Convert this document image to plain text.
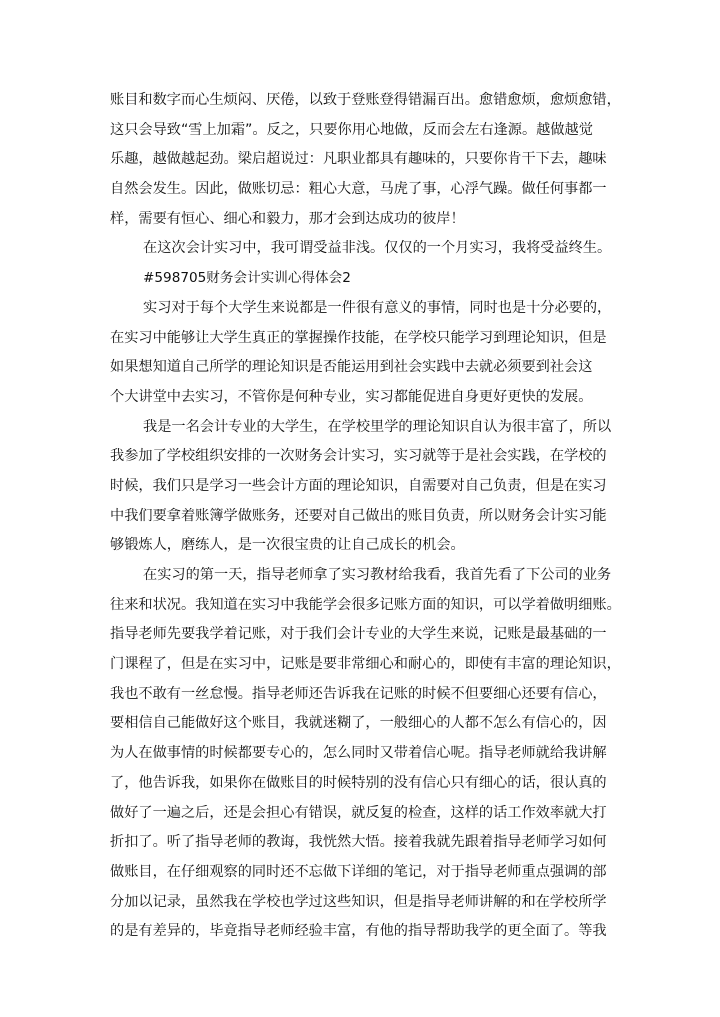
账目和数字而心生烦闷、厌倦，以致于登账登得错漏百出。愈错愈烦，愈烦愈错，
这只会导致“雪上加霜”。反之，只要你用心地做，反而会左右逢源。越做越觉
乐趣，越做越起劲。梁启超说过：凡职业都具有趣味的，只要你肯干下去，趣味
自然会发生。因此，做账切忌：粗心大意，马虎了事，心浮气躁。做任何事都一
样，需要有恒心、细心和毅力，那才会到达成功的彼岸！
在这次会计实习中，我可谓受益非浅。仅仅的一个月实习，我将受益终生。
#598705财务会计实训心得体会2
实习对于每个大学生来说都是一件很有意义的事情，同时也是十分必要的，
在实习中能够让大学生真正的掌握操作技能，在学校只能学习到理论知识，但是
如果想知道自己所学的理论知识是否能运用到社会实践中去就必须要到社会这
个大讲堂中去实习，不管你是何种专业，实习都能促进自身更好更快的发展。
我是一名会计专业的大学生，在学校里学的理论知识自认为很丰富了，所以
我参加了学校组织安排的一次财务会计实习，实习就等于是社会实践，在学校的
时候，我们只是学习一些会计方面的理论知识，自需要对自己负责，但是在实习
中我们要拿着账簿学做账务，还要对自己做出的账目负责，所以财务会计实习能
够锻炼人，磨练人，是一次很宝贵的让自己成长的机会。
在实习的第一天，指导老师拿了实习教材给我看，我首先看了下公司的业务
往来和状况。我知道在实习中我能学会很多记账方面的知识，可以学着做明细账。
指导老师先要我学着记账，对于我们会计专业的大学生来说，记账是最基础的一
门课程了，但是在实习中，记账是要非常细心和耐心的，即使有丰富的理论知识，
我也不敢有一丝怠慢。指导老师还告诉我在记账的时候不但要细心还要有信心，
要相信自己能做好这个账目，我就迷糊了，一般细心的人都不怎么有信心的，因
为人在做事情的时候都要专心的，怎么同时又带着信心呢。指导老师就给我讲解
了，他告诉我，如果你在做账目的时候特别的没有信心只有细心的话，很认真的
做好了一遍之后，还是会担心有错误，就反复的检查，这样的话工作效率就大打
折扣了。听了指导老师的教诲，我恍然大悟。接着我就先跟着指导老师学习如何
做账目，在仔细观察的同时还不忘做下详细的笔记，对于指导老师重点强调的部
分加以记录，虽然我在学校也学过这些知识，但是指导老师讲解的和在学校所学
的是有差异的，毕竟指导老师经验丰富，有他的指导帮助我学的更全面了。等我
